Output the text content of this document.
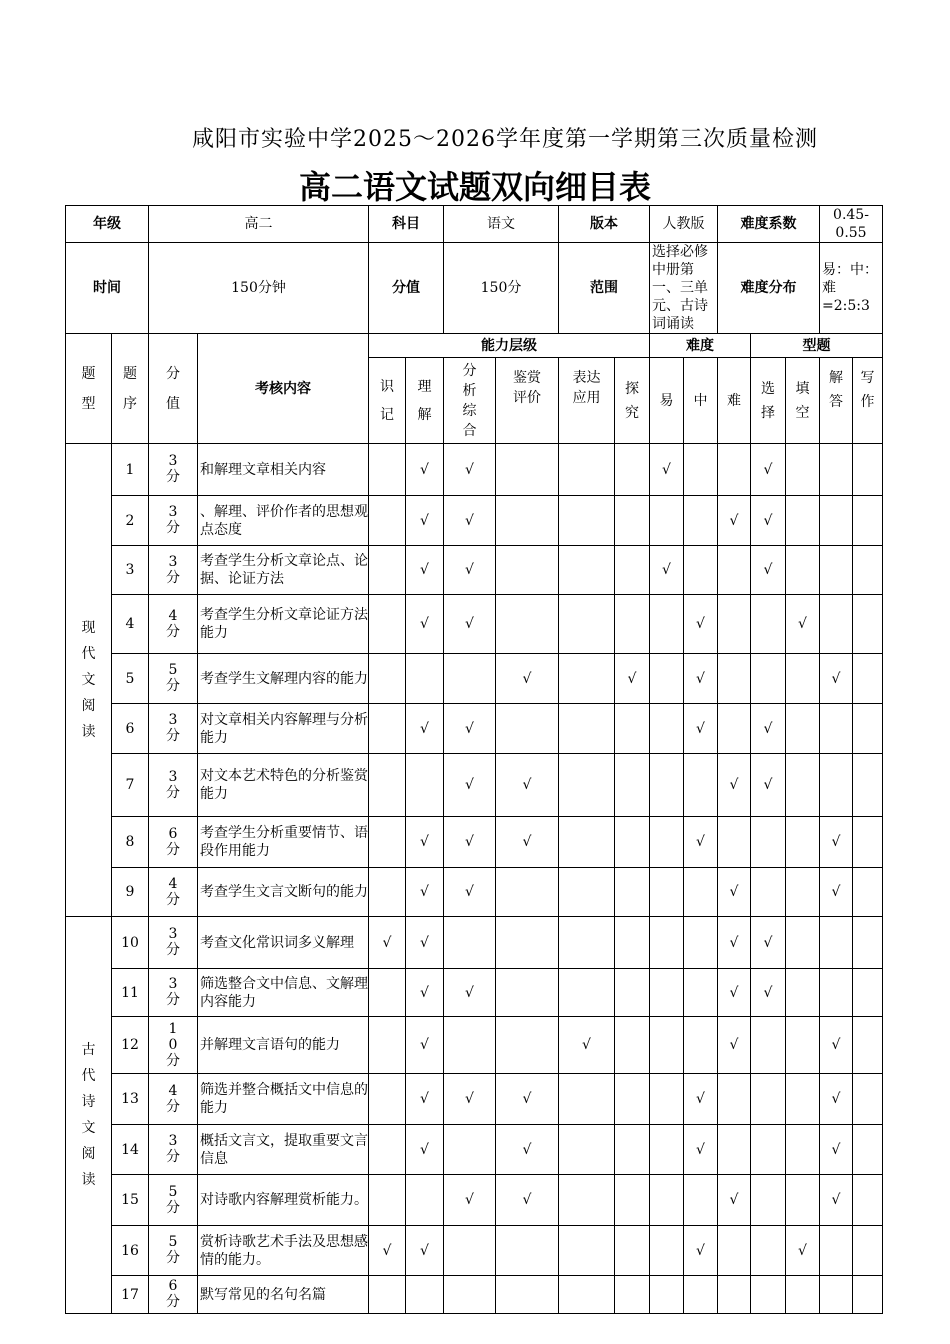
咸阳市实验中学2025～2026学年度第一学期第三次质量检测
高二语文试题双向细目表
年级		高二		科目		语文		版本		人教版		难度系数			0.45-0.55	
时间		150分钟		分值		150分		范围		选择必修中册第一、三单元、古诗词诵读		难度分布			易：中：难=2:5:3	
题型	题序	分值	考核内容	能力层级						难度			型题			
				识记	理解	分析综合	鉴赏评价	表达应用	探究	易	中	难	选择	填空	解答	写作
现代文阅读	1	3分	和解理文章相关内容		√	√				√			√			
	2	3分	、解理、评价作者的思想观点态度		√	√						√	√			
	3	3分	考查学生分析文章论点、论据、论证方法		√	√				√			√			
	4	4分	考查学生分析文章论证方法能力		√	√					√			√		
	5	5分	考查学生文解理内容的能力				√		√		√				√	
	6	3分	对文章相关内容解理与分析能力		√	√					√		√			
	7	3分	对文本艺术特色的分析鉴赏能力			√	√					√	√			
	8	6分	考查学生分析重要情节、语段作用能力		√	√	√				√				√	
	9	4分	考查学生文言文断句的能力		√	√						√			√	
古代诗文阅读	10	3分	考查文化常识词多义解理	√	√							√	√			
	11	3分	筛选整合文中信息、文解理内容能力		√	√						√	√			
	12	10分	并解理文言语句的能力		√			√				√			√	
	13	4分	筛选并整合概括文中信息的能力		√	√	√				√				√	
	14	3分	概括文言文，提取重要文言信息		√		√				√				√	
	15	5分	对诗歌内容解理赏析能力。			√	√					√			√	
	16	5分	赏析诗歌艺术手法及思想感情的能力。	√	√						√			√		
	17	6分	默写常见的名句名篇													
